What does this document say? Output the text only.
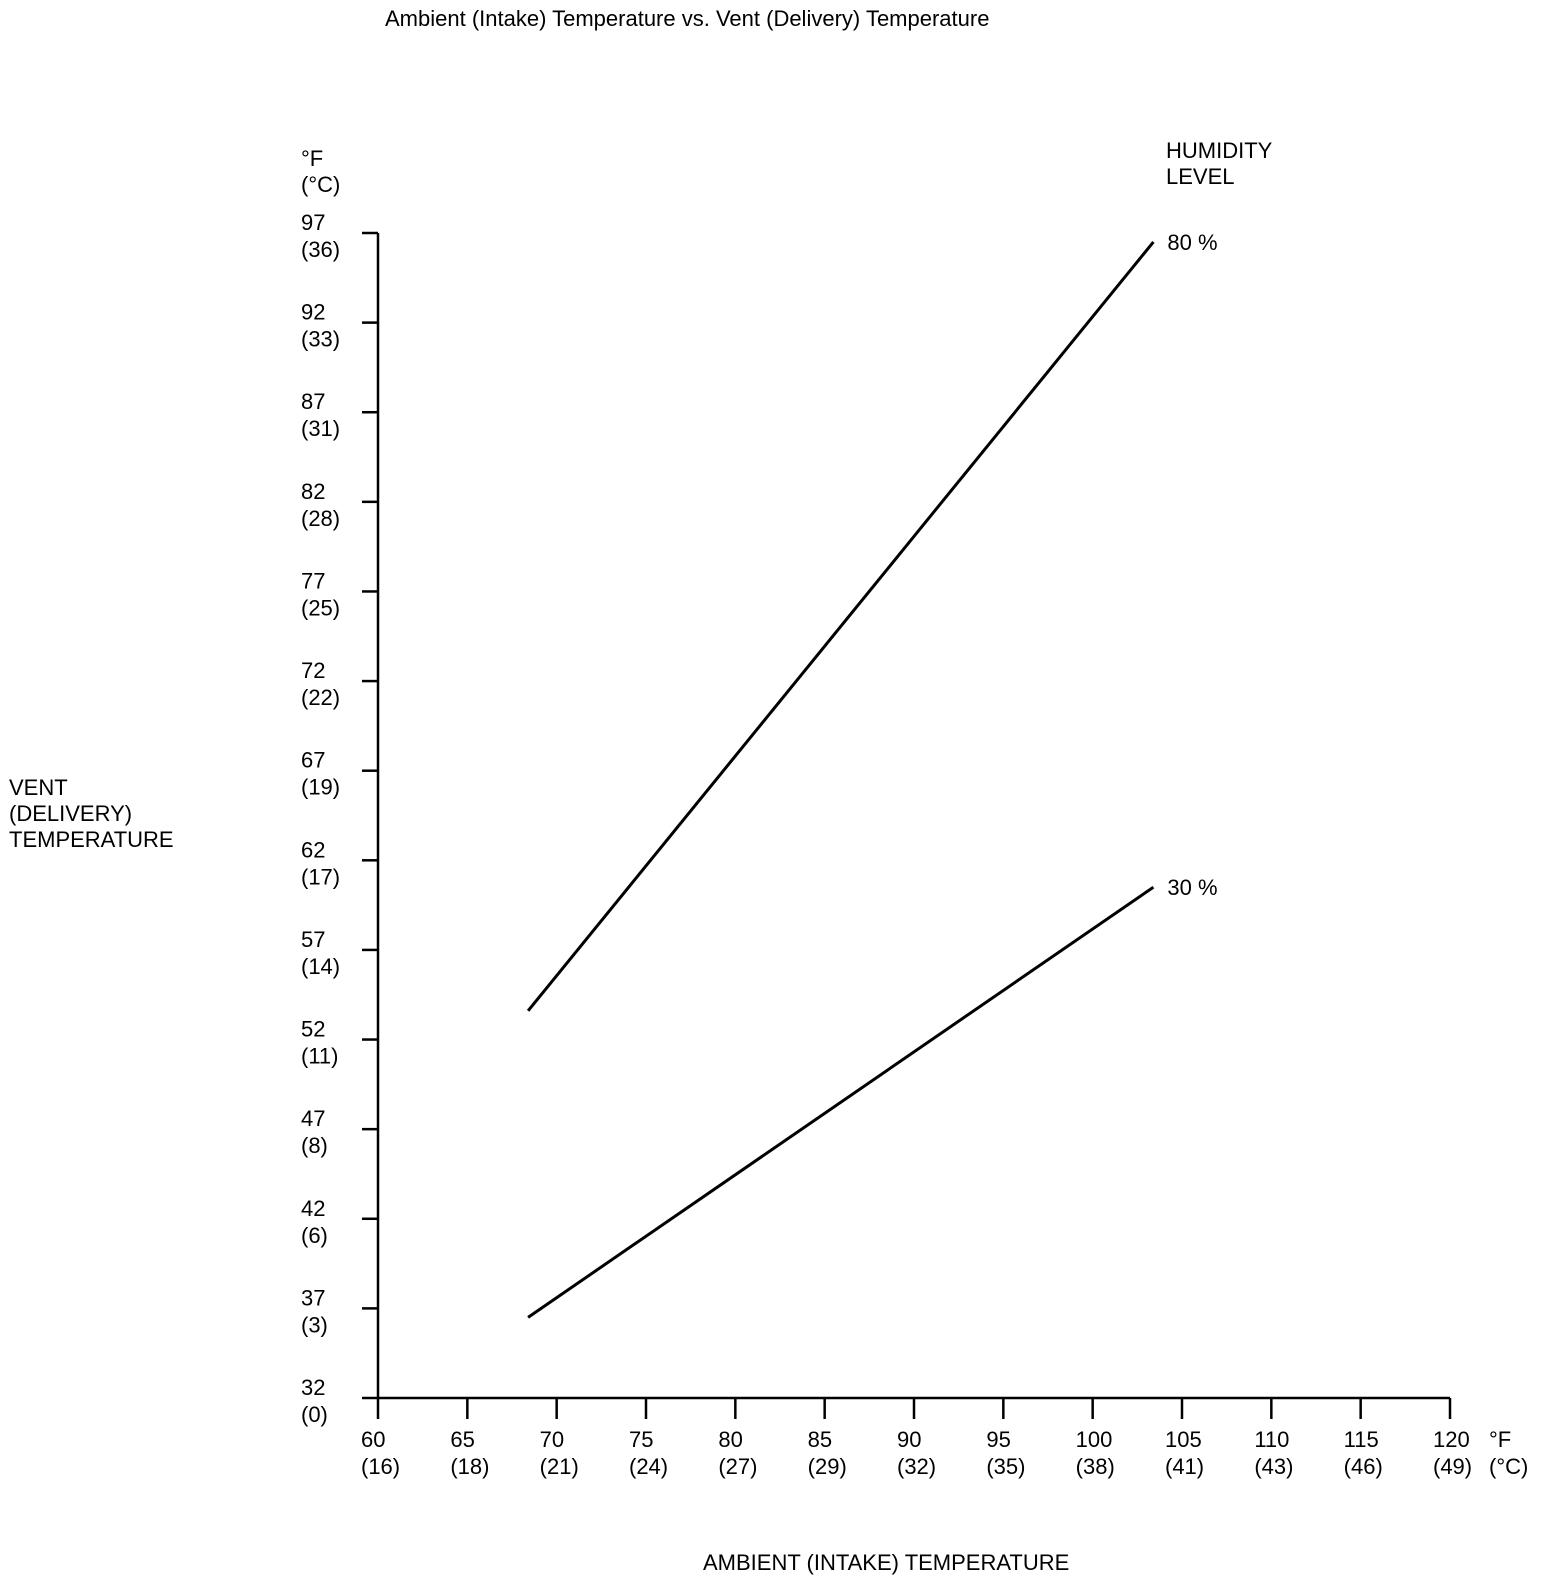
Ambient (Intake) Temperature vs. Vent (Delivery) Temperature
°F
(°C)
HUMIDITY
LEVEL
VENT
(DELIVERY)
TEMPERATURE
AMBIENT (INTAKE) TEMPERATURE
°F
(°C)
32
(0)
37
(3)
42
(6)
47
(8)
52
(11)
57
(14)
62
(17)
67
(19)
72
(22)
77
(25)
82
(28)
87
(31)
92
(33)
97
(36)
60
(16)
65
(18)
70
(21)
75
(24)
80
(27)
85
(29)
90
(32)
95
(35)
100
(38)
105
(41)
110
(43)
115
(46)
120
(49)
80 %
30 %
